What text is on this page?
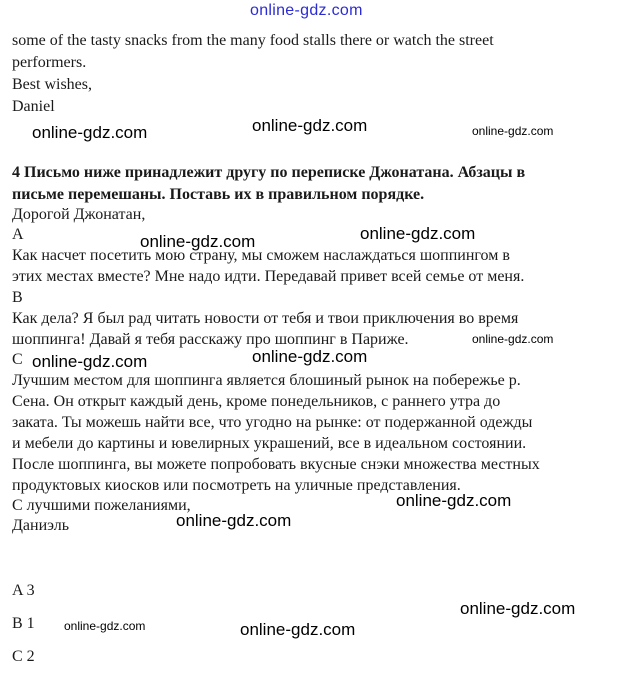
online-gdz.com
some of the tasty snacks from the many food stalls there or watch the street
performers.
Best wishes,
Daniel
4 Письмо ниже принадлежит другу по переписке Джонатана. Абзацы в
письме перемешаны. Поставь их в правильном порядке.
Дорогой Джонатан,
A
Как насчет посетить мою страну, мы сможем наслаждаться шоппингом в
этих местах вместе? Мне надо идти. Передавай привет всей семье от меня.
B
Как дела? Я был рад читать новости от тебя и твои приключения во время
шоппинга! Давай я тебя расскажу про шоппинг в Париже.
C
Лучшим местом для шоппинга является блошиный рынок на побережье р.
Сена. Он открыт каждый день, кроме понедельников, с раннего утра до
заката. Ты можешь найти все, что угодно на рынке: от подержанной одежды
и мебели до картины и ювелирных украшений, все в идеальном состоянии.
После шоппинга, вы можете попробовать вкусные снэки множества местных
продуктовых киосков или посмотреть на уличные представления.
С лучшими пожеланиями,
Даниэль
A 3
B 1
C 2
online-gdz.com	online-gdz.com	online-gdz.com
online-gdz.com	online-gdz.com
online-gdz.com	online-gdz.com
online-gdz.com
online-gdz.com
online-gdz.com
online-gdz.com
online-gdz.com	online-gdz.com
